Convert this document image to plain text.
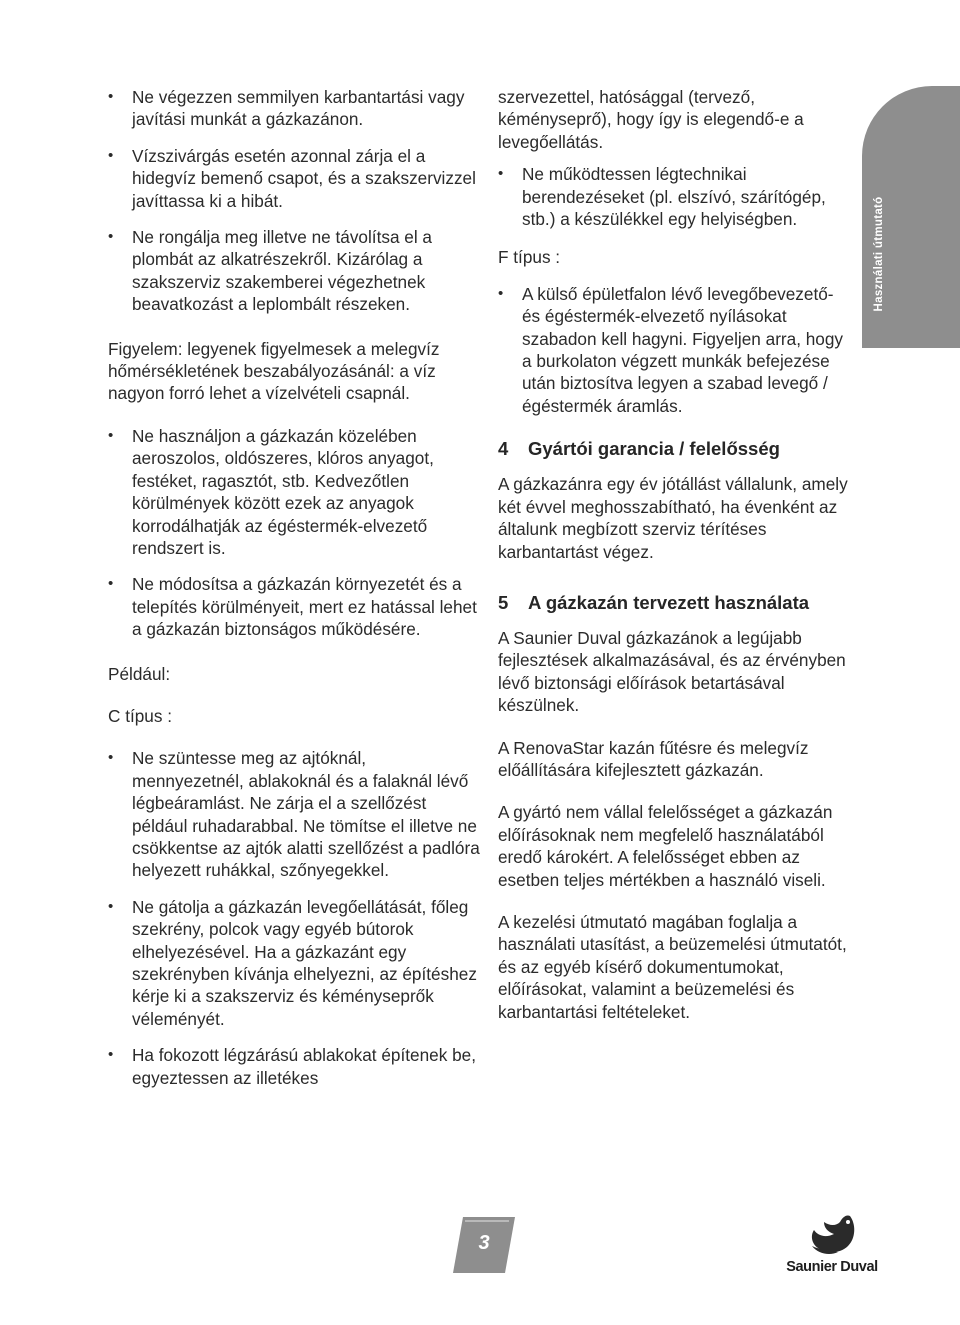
Használati útmutató
• Ne végezzen semmilyen karbantartási vagy javítási munkát a gázkazánon.
• Vízszivárgás esetén azonnal zárja el a hidegvíz bemenő csapot, és a szakszervizzel javíttassa ki a hibát.
• Ne rongálja meg illetve ne távolítsa el a plombát az alkatrészekről. Kizárólag a szakszerviz szakemberei végezhetnek beavatkozást a leplombált részeken.

Figyelem: legyenek figyelmesek a melegvíz hőmérsékletének beszabályozásánál: a víz nagyon forró lehet a vízelvételi csapnál.

• Ne használjon a gázkazán közelében aeroszolos, oldószeres, klóros anyagot, festéket, ragasztót, stb. Kedvezőtlen körülmények között ezek az anyagok korrodálhatják az égéstermék-elvezető rendszert is.
• Ne módosítsa a gázkazán környezetét és a telepítés körülményeit, mert ez hatással lehet a gázkazán biztonságos működésére.

Például:

C típus :

• Ne szüntesse meg az ajtóknál, mennyezetnél, ablakoknál és a falaknál lévő légbeáramlást. Ne zárja el a szellőzést például ruhadarabbal. Ne tömítse el illetve ne csökkentse az ajtók alatti szellőzést a padlóra helyezett ruhákkal, szőnyegekkel.
• Ne gátolja a gázkazán levegőellátását, főleg szekrény, polcok vagy egyéb bútorok elhelyezésével. Ha a gázkazánt egy szekrényben kívánja elhelyezni, az építéshez kérje ki a szakszerviz és kéményseprők véleményét.
• Ha fokozott légzárású ablakokat építenek be, egyeztessen az illetékes

szervezettel, hatósággal (tervező, kéményseprő), hogy így is elegendő-e a levegőellátás.

• Ne működtessen légtechnikai berendezéseket (pl. elszívó, szárítógép, stb.) a készülékkel egy helyiségben.

F típus :

• A külső épületfalon lévő levegőbevezető- és égéstermék-elvezető nyílásokat szabadon kell hagyni. Figyeljen arra, hogy a burkolaton végzett munkák befejezése után biztosítva legyen a szabad levegő / égéstermék áramlás.
4 Gyártói garancia / felelősség

A gázkazánra egy év jótállást vállalunk, amely két évvel meghosszabítható, ha évenként az általunk megbízott szerviz térítéses karbantartást végez.

5 A gázkazán tervezett használata

A Saunier Duval gázkazánok a legújabb fejlesztések alkalmazásával, és az érvényben lévő biztonsági előírások betartásával készülnek.

A RenovaStar kazán fűtésre és melegvíz előállítására kifejlesztett gázkazán.

A gyártó nem vállal felelősséget a gázkazán előírásoknak nem megfelelő használatából eredő károkért. A felelősséget ebben az esetben teljes mértékben a használó viseli.

A kezelési útmutató magában foglalja a használati utasítást, a beüzemelési útmutatót, és az egyéb kísérő dokumentumokat, előírásokat, valamint a beüzemelési és karbantartási feltételeket.

3
Saunier Duval
